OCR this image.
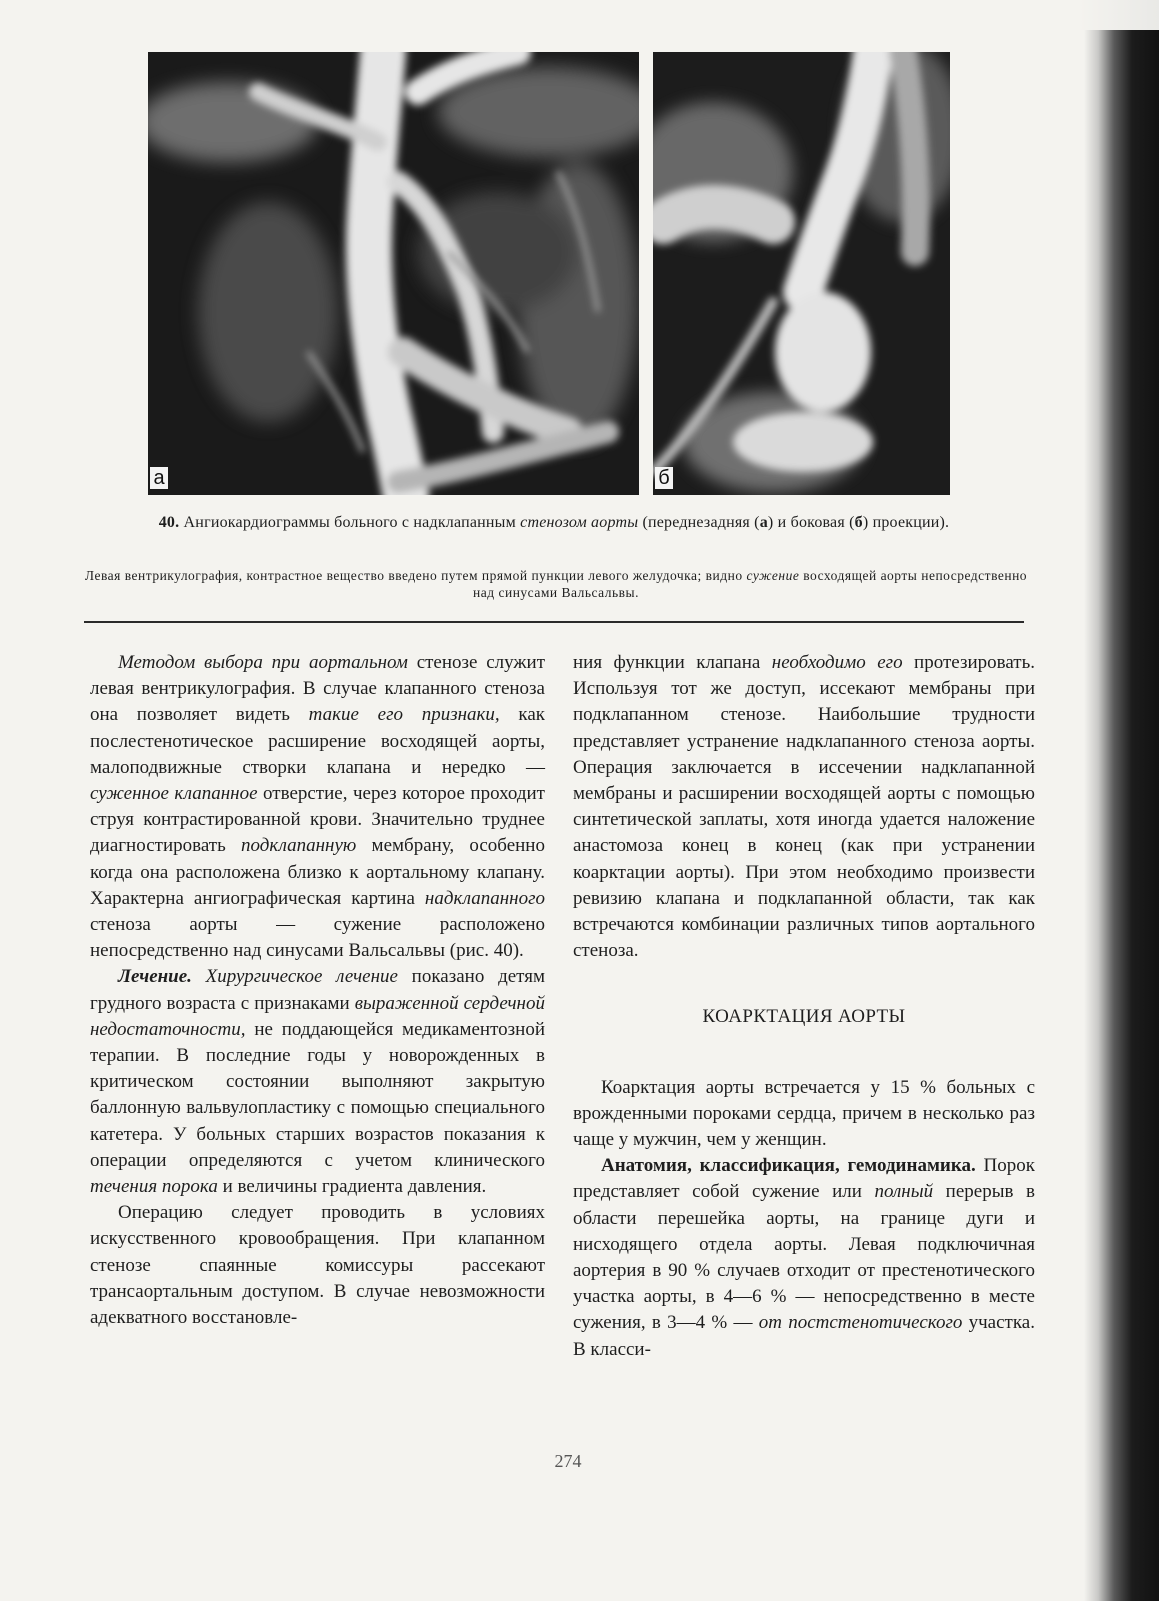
а	б
40. Ангиокардиограммы больного с надклапанным стенозом аорты (переднезадняя (а) и боковая (б) проекции).
Левая вентрикулография, контрастное вещество введено путем прямой пункции левого желудочка; видно сужение восходящей аорты непосредственно над синусами Вальсальвы.

Методом выбора при аортальном стенозе служит левая вентрикулография. В случае клапанного стеноза она позволяет видеть такие его признаки, как послестенотическое расширение восходящей аорты, малоподвижные створки клапана и нередко — суженное клапанное отверстие, через которое проходит струя контрастированной крови. Значительно труднее диагностировать подклапанную мембрану, особенно когда она расположена близко к аортальному клапану. Характерна ангиографическая картина надклапанного стеноза аорты — сужение расположено непосредственно над синусами Вальсальвы (рис. 40).

Лечение. Хирургическое лечение показано детям грудного возраста с признаками выраженной сердечной недостаточности, не поддающейся медикаментозной терапии. В последние годы у новорожденных в критическом состоянии выполняют закрытую баллонную вальвулопластику с помощью специального катетера. У больных старших возрастов показания к операции определяются с учетом клинического течения порока и величины градиента давления.

Операцию следует проводить в условиях искусственного кровообращения. При клапанном стенозе спаянные комиссуры рассекают трансаортальным доступом. В случае невозможности адекватного восстановле-

ния функции клапана необходимо его протезировать. Используя тот же доступ, иссекают мембраны при подклапанном стенозе. Наибольшие трудности представляет устранение надклапанного стеноза аорты. Операция заключается в иссечении надклапанной мембраны и расширении восходящей аорты с помощью синтетической заплаты, хотя иногда удается наложение анастомоза конец в конец (как при устранении коарктации аорты). При этом необходимо произвести ревизию клапана и подклапанной области, так как встречаются комбинации различных типов аортального стеноза.

КОАРКТАЦИЯ АОРТЫ

Коарктация аорты встречается у 15 % больных с врожденными пороками сердца, причем в несколько раз чаще у мужчин, чем у женщин.

Анатомия, классификация, гемодинамика. Порок представляет собой сужение или полный перерыв в области перешейка аорты, на границе дуги и нисходящего отдела аорты. Левая подключичная аортерия в 90 % случаев отходит от престенотического участка аорты, в 4—6 % — непосредственно в месте сужения, в 3—4 % — от постстенотического участка. В класси-

274
